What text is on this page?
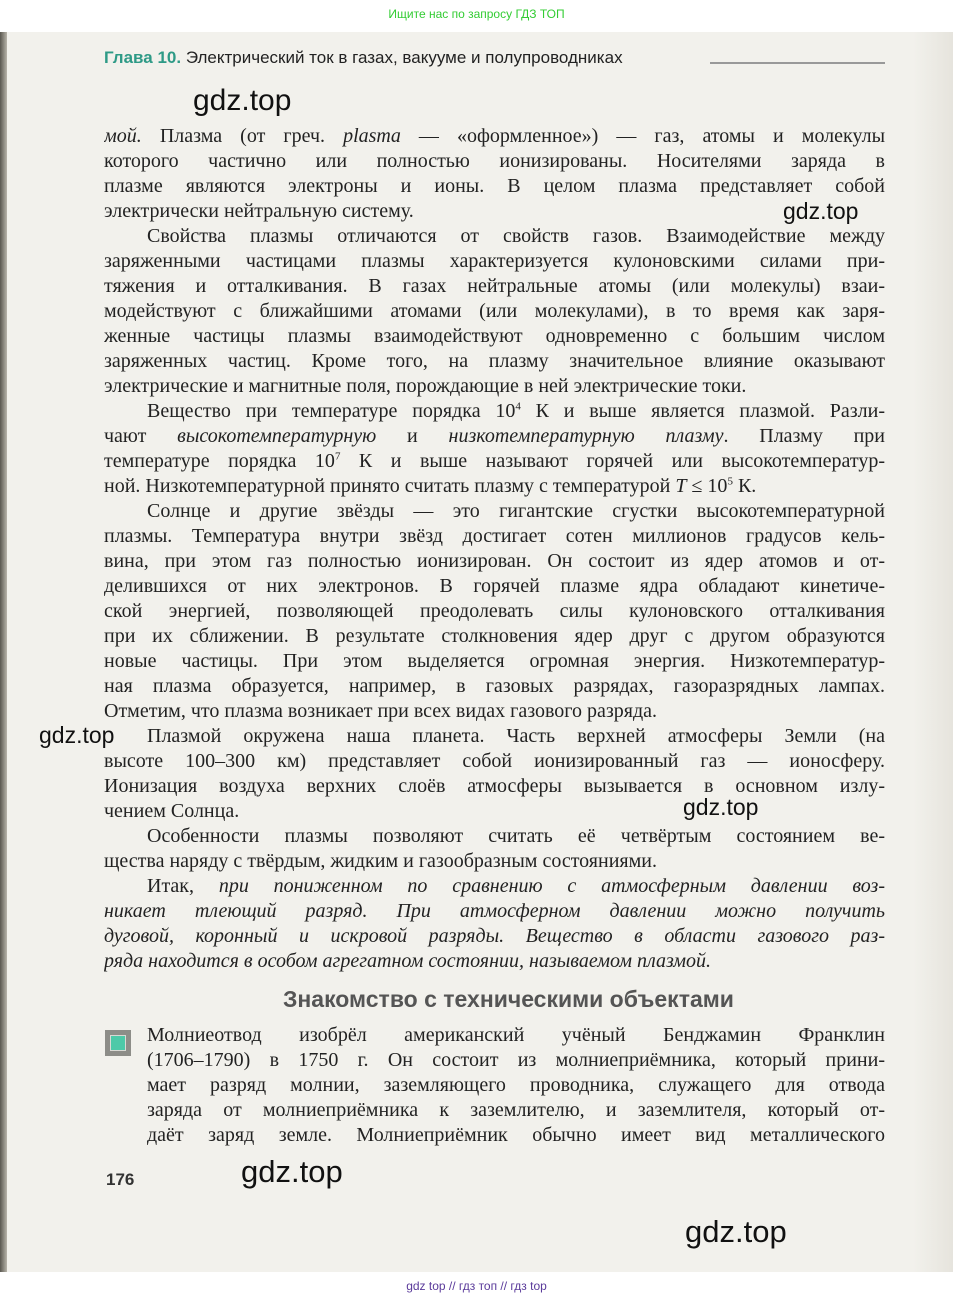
Ищите нас по запросу ГДЗ ТОП
Глава 10. Электрический ток в газах, вакууме и полупроводниках
мой. Плазма (от греч. plasma — «оформленное») — газ, атомы и молекулы
которого частично или полностью ионизированы. Носителями заряда в
плазме являются электроны и ионы. В целом плазма представляет собой
электрически нейтральную систему.
Свойства плазмы отличаются от свойств газов. Взаимодействие между
заряженными частицами плазмы характеризуется кулоновскими силами при-
тяжения и отталкивания. В газах нейтральные атомы (или молекулы) взаи-
модействуют с ближайшими атомами (или молекулами), в то время как заря-
женные частицы плазмы взаимодействуют одновременно с большим числом
заряженных частиц. Кроме того, на плазму значительное влияние оказывают
электрические и магнитные поля, порождающие в ней электрические токи.
Вещество при температуре порядка $10^4$ К и выше является плазмой. Разли-
чают высокотемпературную и низкотемпературную плазму. Плазму при
температуре порядка $10^7$ К и выше называют горячей или высокотемператур-
ной. Низкотемпературной принято считать плазму с температурой $T \le 10^5$ К.
Солнце и другие звёзды — это гигантские сгустки высокотемпературной
плазмы. Температура внутри звёзд достигает сотен миллионов градусов кель-
вина, при этом газ полностью ионизирован. Он состоит из ядер атомов и от-
делившихся от них электронов. В горячей плазме ядра обладают кинетиче-
ской энергией, позволяющей преодолевать силы кулоновского отталкивания
при их сближении. В результате столкновения ядер друг с другом образуются
новые частицы. При этом выделяется огромная энергия. Низкотемператур-
ная плазма образуется, например, в газовых разрядах, газоразрядных лампах.
Отметим, что плазма возникает при всех видах газового разряда.
Плазмой окружена наша планета. Часть верхней атмосферы Земли (на
высоте 100–300 км) представляет собой ионизированный газ — ионосферу.
Ионизация воздуха верхних слоёв атмосферы вызывается в основном излу-
чением Солнца.
Особенности плазмы позволяют считать её четвёртым состоянием ве-
щества наряду с твёрдым, жидким и газообразным состояниями.
Итак, при пониженном по сравнению с атмосферным давлении воз-
никает тлеющий разряд. При атмосферном давлении можно получить
дуговой, коронный и искровой разряды. Вещество в области газового раз-
ряда находится в особом агрегатном состоянии, называемом плазмой.
Знакомство с техническими объектами
Молниеотвод изобрёл американский учёный Бенджамин Франклин
(1706–1790) в 1750 г. Он состоит из молниеприёмника, который прини-
мает разряд молнии, заземляющего проводника, служащего для отвода
заряда от молниеприёмника к заземлителю, и заземлителя, который от-
даёт заряд земле. Молниеприёмник обычно имеет вид металлического
176
gdz.top
gdz.top
gdz.top
gdz.top
gdz.top
gdz.top
gdz top // гдз топ // гдз top
